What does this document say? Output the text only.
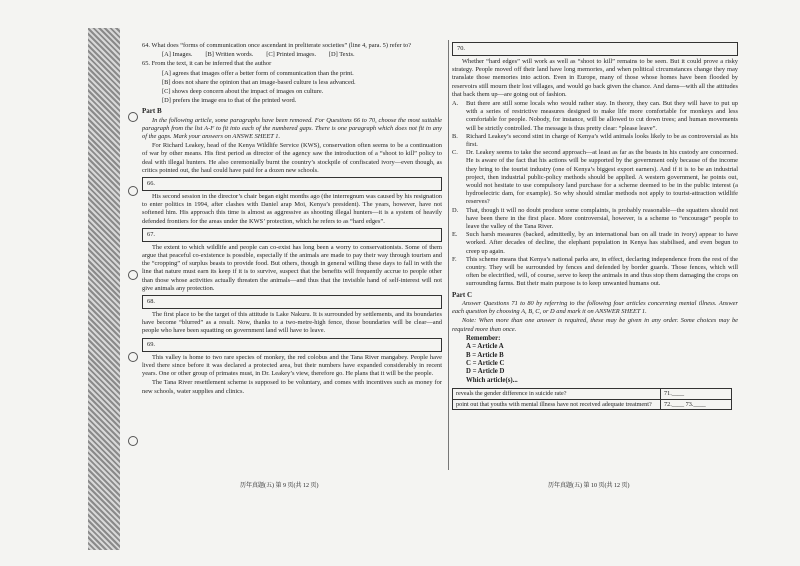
64. What does “forms of communication once ascendant in preliterate societies” (line 4, para. 5) refer to?

[A] Images. [B] Written words. [C] Printed images. [D] Texts.

65. From the text, it can be inferred that the author

[A] agrees that images offer a better form of communication than the print.

[B] does not share the opinion that an image-based culture is less advanced.

[C] shows deep concern about the impact of images on culture.

[D] prefers the image era to that of the printed word.

Part B

In the following article, some paragraphs have been removed. For Questions 66 to 70, choose the most suitable paragraph from the list A-F to fit into each of the numbered gaps. There is one paragraph which does not fit in any of the gaps. Mark your answers on ANSWE SHEET 1.

For Richard Leakey, head of the Kenya Wildlife Service (KWS), conservation often seems to be a continuation of war by other means. His first period as director of the agency saw the introduction of a “shoot to kill” policy to deal with illegal hunters. He also ceremonially burnt the country’s stockpile of confiscated ivory—even though, as critics pointed out, the haul could have paid for a dozen new schools.

66.

His second session in the director’s chair began eight months ago (the interregnum was caused by his resignation to enter politics in 1994, after clashes with Daniel arap Moi, Kenya’s president). The years, however, have not softened him. His approach this time is almost as aggressive as shooting illegal hunters—it is a system of heavily defended frontiers for the areas under the KWS’ protection, which he refers to as “hard edges”.

67.

The extent to which wildlife and people can co-exist has long been a worry to conservationists. Some of them argue that peaceful co-existence is possible, especially if the animals are made to pay their way through tourism and the “cropping” of surplus beasts to provide food. But others, though in general willing these days to fall in with the line that nature must earn its keep if it is to survive, suspect that the benefits will frequently accrue to people other than those whose activities actually threaten the animals—and thus that the invisible hand of self-interest will not give animals any protection.

68.

The first place to be the target of this attitude is Lake Nakuru. It is surrounded by settlements, and its boundaries have become “blurred” as a result. Now, thanks to a two-metre-high fence, those boundaries will be clear—and people who have been squatting on government land will have to leave.

69.

This valley is home to two rare species of monkey, the red colobus and the Tana River mangabey. People have lived there since before it was declared a protected area, but their numbers have expanded considerably in recent years. One or other group of primates must, in Dr. Leakey’s view, therefore go. He plans that it will be the people.

The Tana River resettlement scheme is supposed to be voluntary, and comes with incentives such as money for new schools, water supplies and clinics.

历年真题(五) 第 9 页(共 12 页)
70.

Whether “hard edges” will work as well as “shoot to kill” remains to be seen. But it could prove a risky strategy. People moved off their land have long memories, and when political circumstances change they may translate those memories into action. Even in Europe, many of those whose homes have been flooded by reservoirs still mourn their lost villages, and would go back given the chance. And dams—with all the attitudes that back them up—are going out of fashion.

A.	But there are still some locals who would rather stay. In theory, they can. But they will have to put up with a series of restrictive measures designed to make life more comfortable for monkeys and less comfortable for people. Nobody, for instance, will be allowed to cut down trees; and human movements will be strictly controlled. The message is thus pretty clear: “please leave”.
B.	Richard Leakey’s second stint in charge of Kenya’s wild animals looks likely to be as controversial as his first.
C.	Dr. Leakey seems to take the second approach—at least as far as the beasts in his custody are concerned. He is aware of the fact that his actions will be supported by the government only because of the income they bring to the tourist industry (one of Kenya’s biggest export earners). And if it is to be an industrial project, then industrial public-policy methods should be applied. A western government, he points out, would not hesitate to use compulsory land purchase for a scheme deemed to be in the public interest (a hydroelectric dam, for example). So why should similar methods not apply to tourist-attraction wildlife reserves?
D.	That, though it will no doubt produce some complaints, is probably reasonable—the squatters should not have been there in the first place. More controversial, however, is a scheme to “encourage” people to leave the valley of the Tana River.
E.	Such harsh measures (backed, admittedly, by an international ban on all trade in ivory) appear to have worked. After decades of decline, the elephant population in Kenya has stabilised, and even begun to creep up again.
F.	This scheme means that Kenya’s national parks are, in effect, declaring independence from the rest of the country. They will be surrounded by fences and defended by border guards. Those fences, which will often be electrified, will, of course, serve to keep the animals in and thus stop them damaging the crops on surrounding farms. But their main purpose is to keep unwanted humans out.
Part C

Answer Questions 71 to 80 by referring to the following four articles concerning mental illness. Answer each question by choosing A, B, C, or D and mark it on ANSWER SHEET 1.

Note: When more than one answer is required, these may be given in any order. Some choices may be required more than once.

Remember:
A = Article A
B = Article B
C = Article C
D = Article D
Which article(s)...
reveals the gender difference in suicide rate?	71.____
point out that youths with mental illness have not received adequate treatment?	72.____ 73.____
历年真题(五) 第 10 页(共 12 页)
